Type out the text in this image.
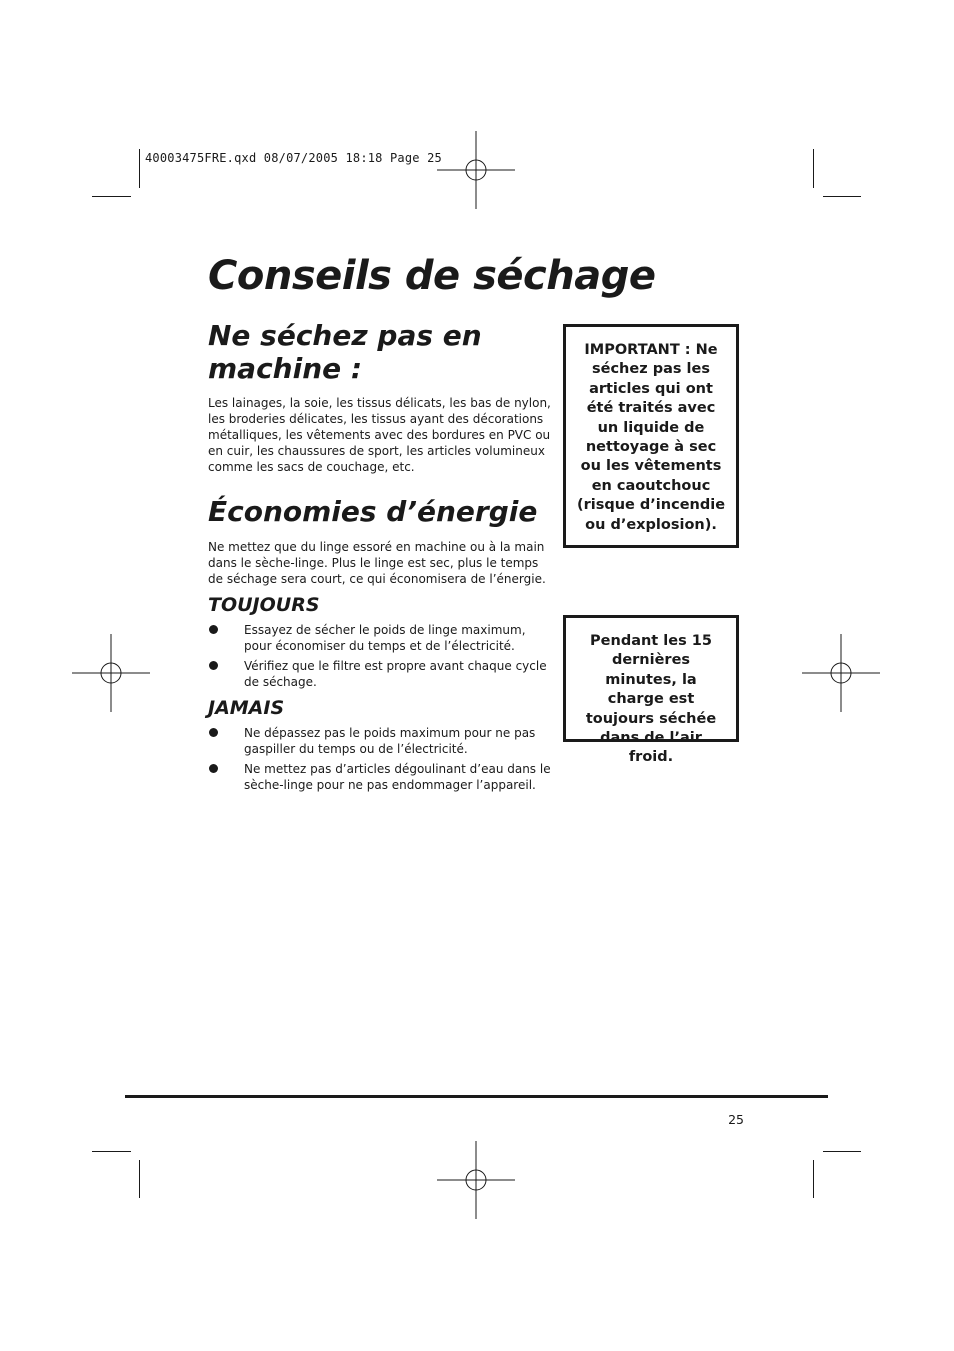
40003475FRE.qxd 08/07/2005 18:18 Page 25
Conseils de séchage
Ne séchez pas en
machine :

Les lainages, la soie, les tissus délicats, les bas de nylon, les broderies délicates, les tissus ayant des décorations métalliques, les vêtements avec des bordures en PVC ou en cuir, les chaussures de sport, les articles volumineux comme les sacs de couchage, etc.

Économies d’énergie

Ne mettez que du linge essoré en machine ou à la main dans le sèche-linge. Plus le linge est sec, plus le temps de séchage sera court, ce qui économisera de l’énergie.

TOUJOURS
Essayez de sécher le poids de linge maximum, pour économiser du temps et de l’électricité.
Vérifiez que le filtre est propre avant chaque cycle de séchage.
JAMAIS
Ne dépassez pas le poids maximum pour ne pas gaspiller du temps ou de l’électricité.
Ne mettez pas d’articles dégoulinant d’eau dans le sèche-linge pour ne pas endommager l’appareil.
IMPORTANT : Ne séchez pas les articles qui ont été traités avec un liquide de nettoyage à sec ou les vêtements en caoutchouc (risque d’incendie ou d’explosion).
Pendant les 15 dernières minutes, la charge est toujours séchée dans de l’air froid.
25
